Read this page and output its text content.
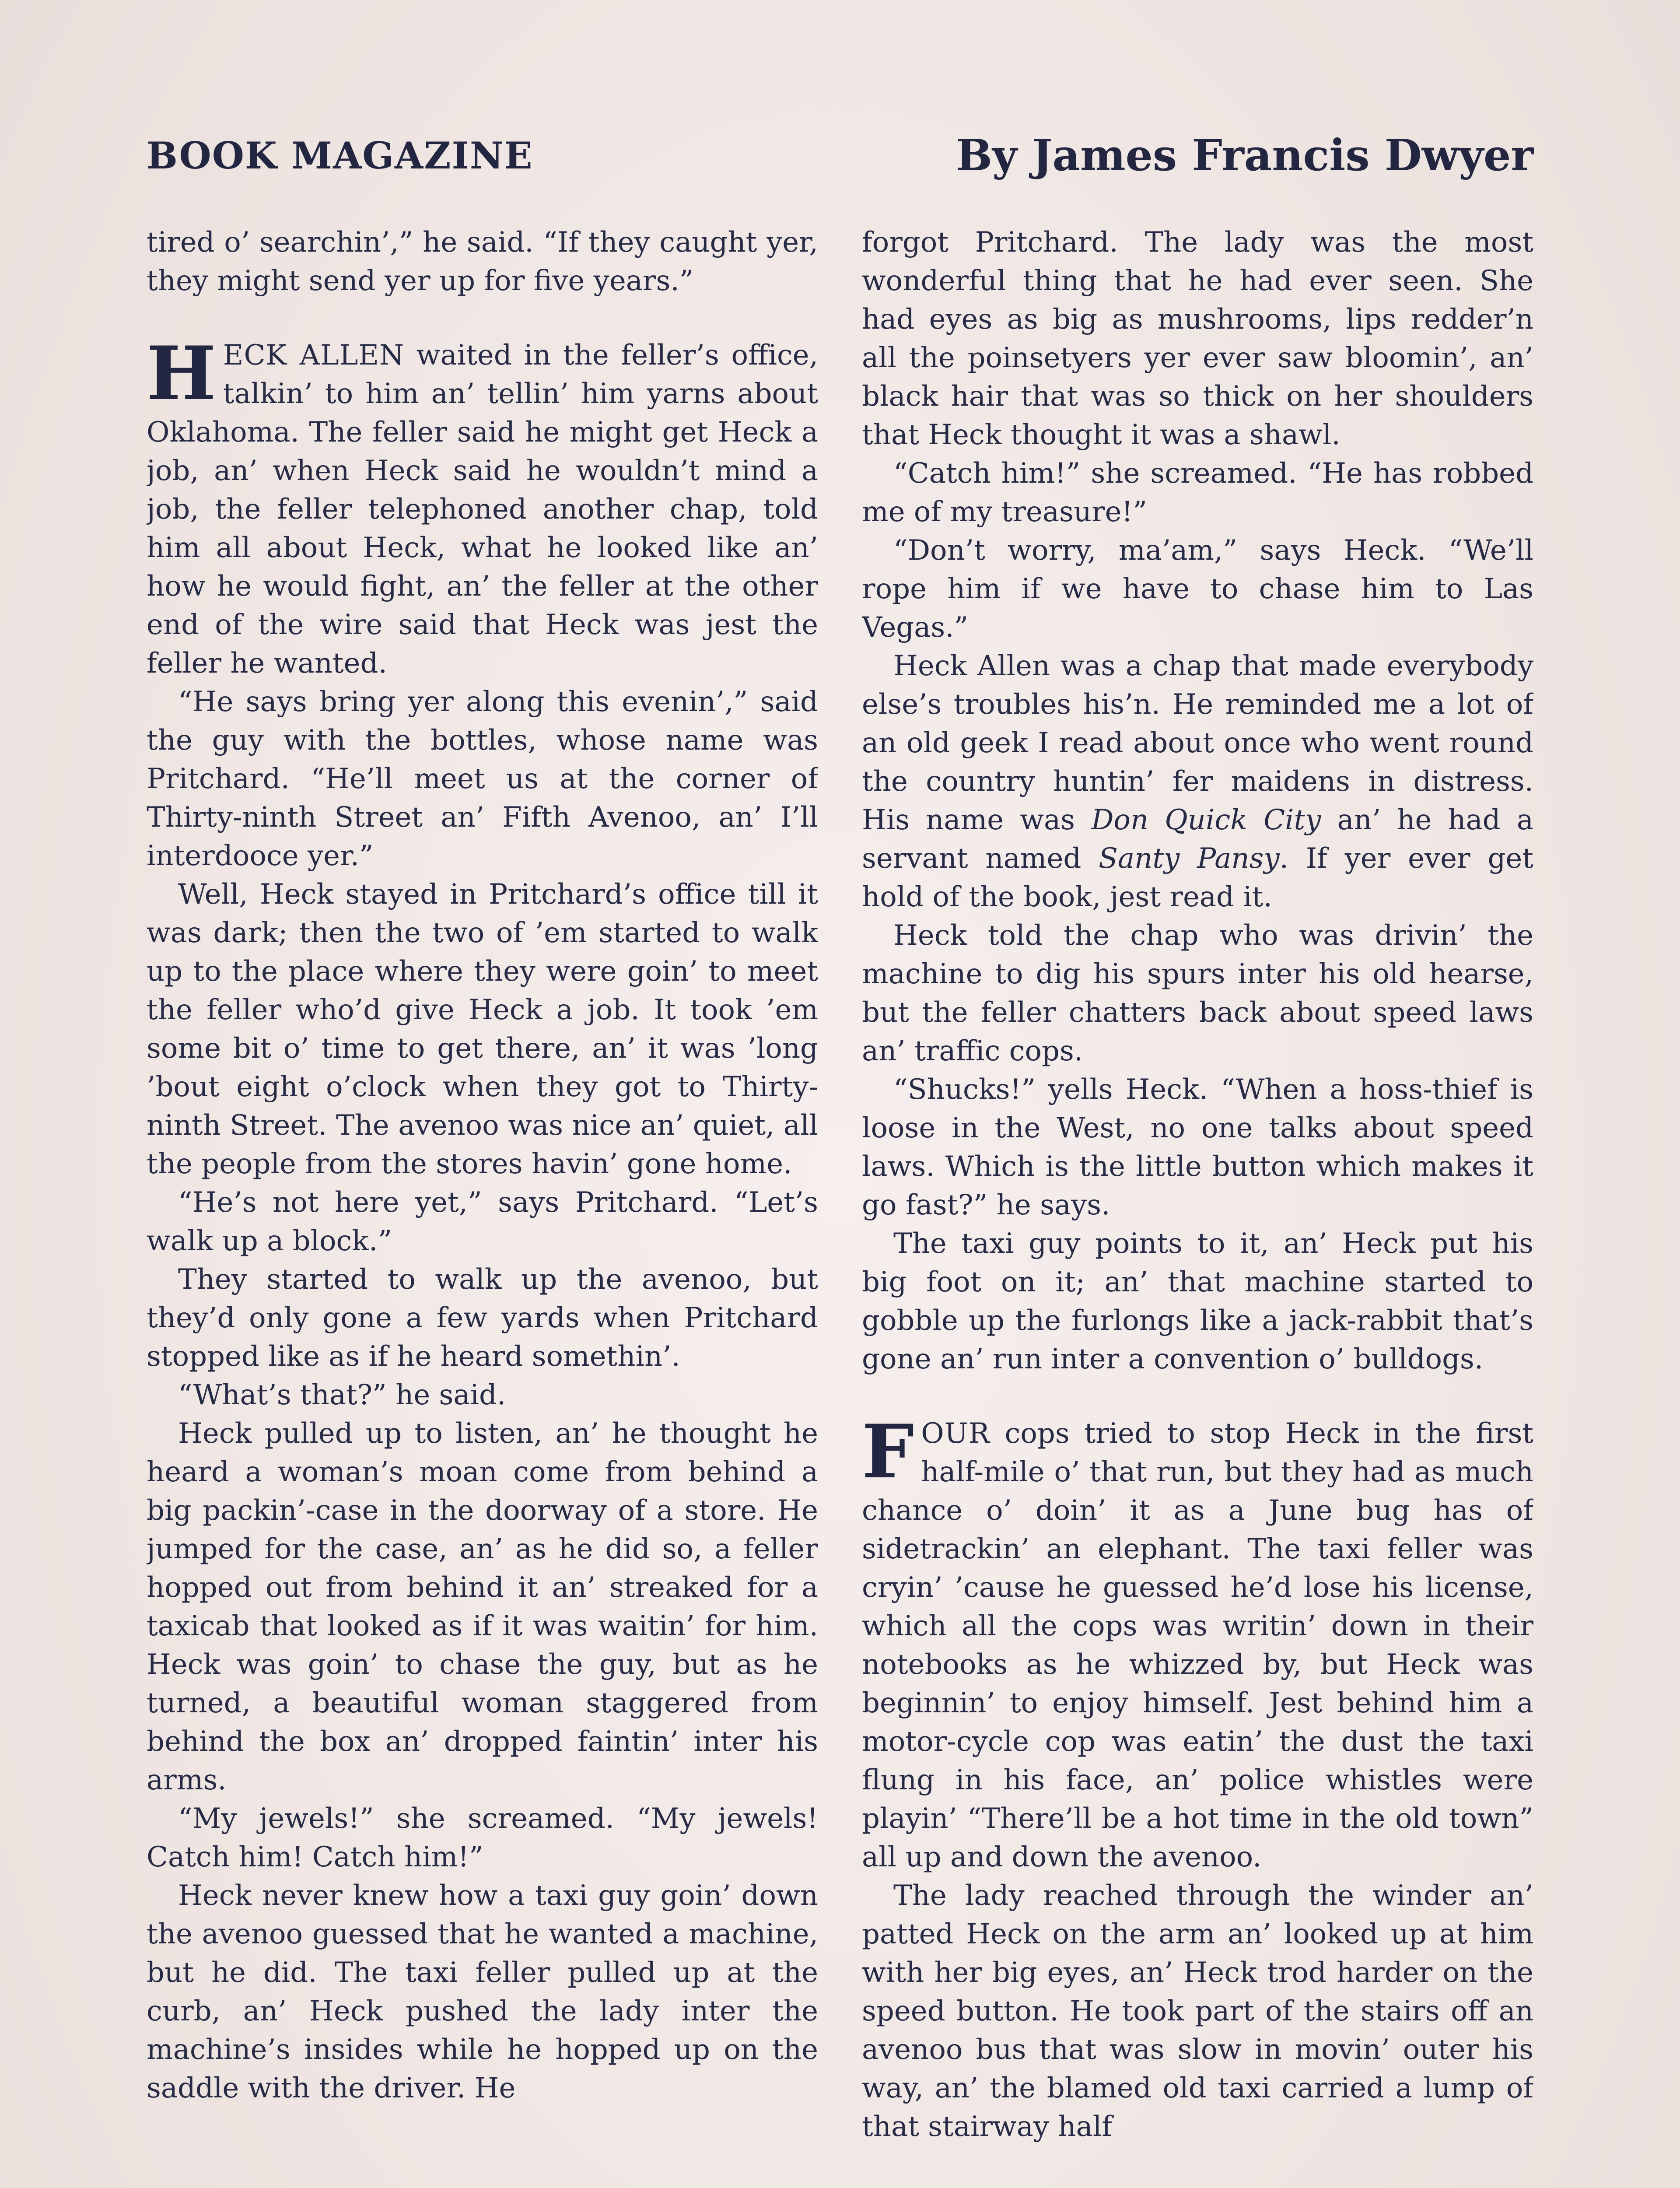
BOOK MAGAZINE	By James Francis Dwyer

tired o’ searchin’,” he said. “If they caught yer, they might send yer up for five years.”

HECK ALLEN waited in the feller’s office, talkin’ to him an’ tellin’ him yarns about Oklahoma. The feller said he might get Heck a job, an’ when Heck said he wouldn’t mind a job, the feller telephoned another chap, told him all about Heck, what he looked like an’ how he would fight, an’ the feller at the other end of the wire said that Heck was jest the feller he wanted.

“He says bring yer along this evenin’,” said the guy with the bottles, whose name was Pritchard. “He’ll meet us at the corner of Thirty-ninth Street an’ Fifth Avenoo, an’ I’ll interdooce yer.”

Well, Heck stayed in Pritchard’s office till it was dark; then the two of ’em started to walk up to the place where they were goin’ to meet the feller who’d give Heck a job. It took ’em some bit o’ time to get there, an’ it was ’long ’bout eight o’clock when they got to Thirty-ninth Street. The avenoo was nice an’ quiet, all the people from the stores havin’ gone home.

“He’s not here yet,” says Pritchard. “Let’s walk up a block.”

They started to walk up the avenoo, but they’d only gone a few yards when Pritchard stopped like as if he heard somethin’.

“What’s that?” he said.

Heck pulled up to listen, an’ he thought he heard a woman’s moan come from behind a big packin’-case in the doorway of a store. He jumped for the case, an’ as he did so, a feller hopped out from behind it an’ streaked for a taxicab that looked as if it was waitin’ for him. Heck was goin’ to chase the guy, but as he turned, a beautiful woman staggered from behind the box an’ dropped faintin’ inter his arms.

“My jewels!” she screamed. “My jewels! Catch him! Catch him!”

Heck never knew how a taxi guy goin’ down the avenoo guessed that he wanted a machine, but he did. The taxi feller pulled up at the curb, an’ Heck pushed the lady inter the machine’s insides while he hopped up on the saddle with the driver. He

forgot Pritchard. The lady was the most wonderful thing that he had ever seen. She had eyes as big as mushrooms, lips redder’n all the poinsetyers yer ever saw bloomin’, an’ black hair that was so thick on her shoulders that Heck thought it was a shawl.

“Catch him!” she screamed. “He has robbed me of my treasure!”

“Don’t worry, ma’am,” says Heck. “We’ll rope him if we have to chase him to Las Vegas.”

Heck Allen was a chap that made everybody else’s troubles his’n. He reminded me a lot of an old geek I read about once who went round the country huntin’ fer maidens in distress. His name was Don Quick City an’ he had a servant named Santy Pansy. If yer ever get hold of the book, jest read it.

Heck told the chap who was drivin’ the machine to dig his spurs inter his old hearse, but the feller chatters back about speed laws an’ traffic cops.

“Shucks!” yells Heck. “When a hoss-thief is loose in the West, no one talks about speed laws. Which is the little button which makes it go fast?” he says.

The taxi guy points to it, an’ Heck put his big foot on it; an’ that machine started to gobble up the furlongs like a jack-rabbit that’s gone an’ run inter a convention o’ bulldogs.

FOUR cops tried to stop Heck in the first half-mile o’ that run, but they had as much chance o’ doin’ it as a June bug has of sidetrackin’ an elephant. The taxi feller was cryin’ ’cause he guessed he’d lose his license, which all the cops was writin’ down in their notebooks as he whizzed by, but Heck was beginnin’ to enjoy himself. Jest behind him a motor-cycle cop was eatin’ the dust the taxi flung in his face, an’ police whistles were playin’ “There’ll be a hot time in the old town” all up and down the avenoo.

The lady reached through the winder an’ patted Heck on the arm an’ looked up at him with her big eyes, an’ Heck trod harder on the speed button. He took part of the stairs off an avenoo bus that was slow in movin’ outer his way, an’ the blamed old taxi carried a lump of that stairway half
